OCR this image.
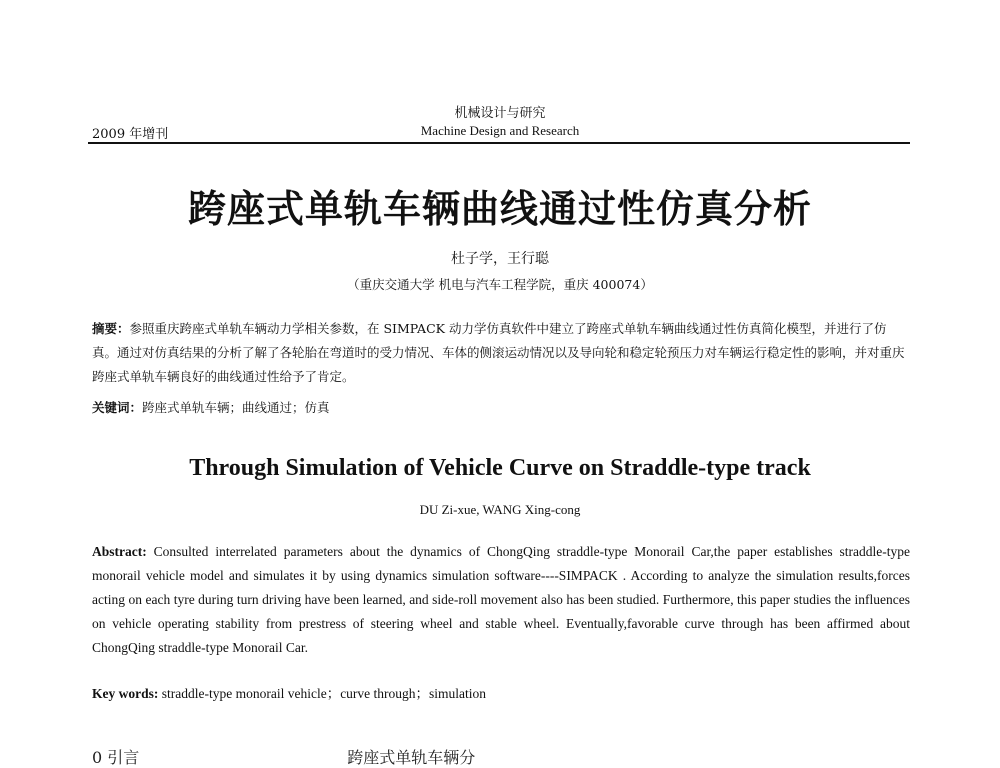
机械设计与研究
2009 年增刊	Machine Design and Research
跨座式单轨车辆曲线通过性仿真分析
杜子学，王行聪
（重庆交通大学 机电与汽车工程学院，重庆 400074）
摘要：参照重庆跨座式单轨车辆动力学相关参数，在 SIMPACK 动力学仿真软件中建立了跨座式单轨车辆曲线通过性仿真简化模型，并进行了仿真。通过对仿真结果的分析了解了各轮胎在弯道时的受力情况、车体的侧滚运动情况以及导向轮和稳定轮预压力对车辆运行稳定性的影响，并对重庆跨座式单轨车辆良好的曲线通过性给予了肯定。
关键词：跨座式单轨车辆；曲线通过；仿真
Through Simulation of Vehicle Curve on Straddle-type track
DU Zi-xue, WANG Xing-cong
Abstract: Consulted interrelated parameters about the dynamics of ChongQing straddle-type Monorail Car,the paper establishes straddle-type monorail vehicle model and simulates it by using dynamics simulation software----SIMPACK . According to analyze the simulation results,forces acting on each tyre during turn driving have been learned, and side-roll movement also has been studied. Furthermore, this paper studies the influences on vehicle operating stability from prestress of steering wheel and stable wheel. Eventually,favorable curve through has been affirmed about ChongQing straddle-type Monorail Car.
Key words: straddle-type monorail vehicle；curve through；simulation
0 引言　　　　　　　　　　　　　跨座式单轨车辆分
